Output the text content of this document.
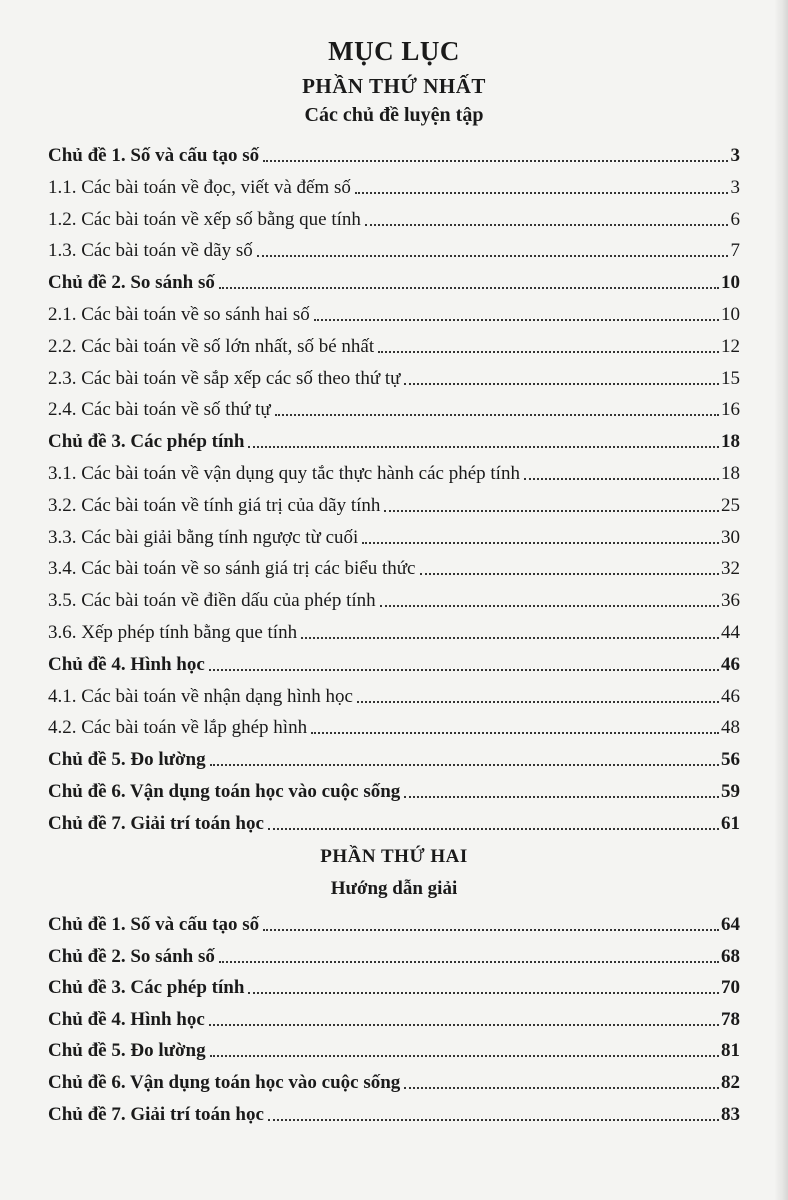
MỤC LỤC
PHẦN THỨ NHẤT
Các chủ đề luyện tập
Chủ đề 1. Số và cấu tạo số	3
1.1. Các bài toán về đọc, viết và đếm số	3
1.2. Các bài toán về xếp số bằng que tính	6
1.3. Các bài toán về dãy số	7
Chủ đề 2. So sánh số	10
2.1. Các bài toán về so sánh hai số	10
2.2. Các bài toán về số lớn nhất, số bé nhất	12
2.3. Các bài toán về sắp xếp các số theo thứ tự	15
2.4. Các bài toán về số thứ tự	16
Chủ đề 3. Các phép tính	18
3.1. Các bài toán về vận dụng quy tắc thực hành các phép tính	18
3.2. Các bài toán về tính giá trị của dãy tính	25
3.3. Các bài giải bằng tính ngược từ cuối	30
3.4. Các bài toán về so sánh giá trị các biểu thức	32
3.5. Các bài toán về điền dấu của phép tính	36
3.6. Xếp phép tính bằng que tính	44
Chủ đề 4. Hình học	46
4.1. Các bài toán về nhận dạng hình học	46
4.2. Các bài toán về lắp ghép hình	48
Chủ đề 5. Đo lường	56
Chủ đề 6. Vận dụng toán học vào cuộc sống	59
Chủ đề 7. Giải trí toán học	61
PHẦN THỨ HAI
Hướng dẫn giải
Chủ đề 1. Số và cấu tạo số	64
Chủ đề 2. So sánh số	68
Chủ đề 3. Các phép tính	70
Chủ đề 4. Hình học	78
Chủ đề 5. Đo lường	81
Chủ đề 6. Vận dụng toán học vào cuộc sống	82
Chủ đề 7. Giải trí toán học	83
